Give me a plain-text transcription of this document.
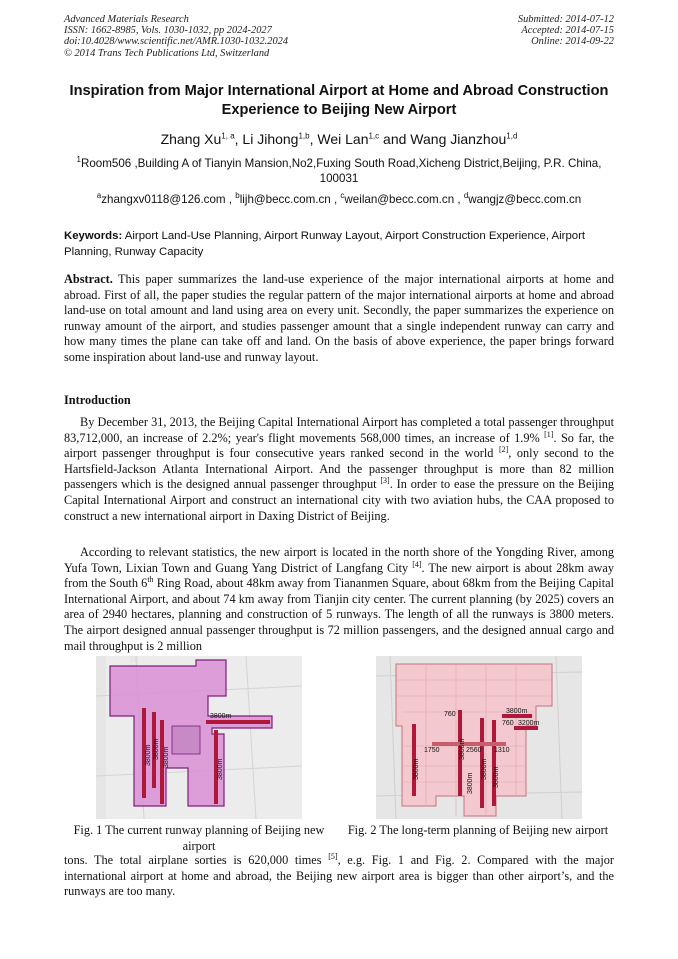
Advanced Materials Research
ISSN: 1662-8985, Vols. 1030-1032, pp 2024-2027
doi:10.4028/www.scientific.net/AMR.1030-1032.2024
© 2014 Trans Tech Publications Ltd, Switzerland
Submitted: 2014-07-12
Accepted: 2014-07-15
Online: 2014-09-22
Inspiration from Major International Airport at Home and Abroad Construction Experience to Beijing New Airport
Zhang Xu$^{1, a}$, Li Jihong$^{1,b}$, Wei Lan$^{1,c}$ and Wang Jianzhou$^{1,d}$
$^1$Room506 ,Building A of Tianyin Mansion,No2,Fuxing South Road,Xicheng District,Beijing, P.R. China, 100031
$^a$zhangxv0118@126.com , $^b$lijh@becc.com.cn , $^c$weilan@becc.com.cn , $^d$wangjz@becc.com.cn
Keywords: Airport Land-Use Planning, Airport Runway Layout, Airport Construction Experience, Airport Planning, Runway Capacity
Abstract. This paper summarizes the land-use experience of the major international airports at home and abroad. First of all, the paper studies the regular pattern of the major international airports at home and abroad land-use on total amount and land using area on every unit. Secondly, the paper summarizes the experience on runway amount of the airport, and studies passenger amount that a single independent runway can carry and how many times the plane can take off and land. On the basis of above experience, the paper brings forward some inspiration about land-use and runway layout.
Introduction
By December 31, 2013, the Beijing Capital International Airport has completed a total passenger throughput 83,712,000, an increase of 2.2%; year's flight movements 568,000 times, an increase of 1.9% [1]. So far, the airport passenger throughput is four consecutive years ranked second in the world [2], only second to the Hartsfield-Jackson Atlanta International Airport. And the passenger throughput is more than 82 million passengers which is the designed annual passenger throughput [3]. In order to ease the pressure on the Beijing Capital International Airport and construct an international city with two aviation hubs, the CAA proposed to construct a new international airport in Daxing District of Beijing.
According to relevant statistics, the new airport is located in the north shore of the Yongding River, among Yufa Town, Lixian Town and Guang Yang District of Langfang City [4]. The new airport is about 28km away from the South 6th Ring Road, about 48km away from Tiananmen Square, about 68km from the Beijing Capital International Airport, and about 74 km away from Tianjin city center. The current planning (by 2025) covers an area of 2940 hectares, planning and construction of 5 runways. The length of all the runways is 3800 meters. The airport designed annual passenger throughput is 72 million passengers, and the designed annual cargo and mail throughput is 2 million
3800m 3800m 3800m
3800m
3800m
760
3800m
3800m
3200m
760
3800m
1750	2560 1310
3800m	3800m
3800m
Fig. 1 The current runway planning of Beijing new airport
Fig. 2 The long-term planning of Beijing new airport
tons. The total airplane sorties is 620,000 times [5], e.g. Fig. 1 and Fig. 2. Compared with the major international airport at home and abroad, the Beijing new airport area is bigger than other airport’s, and the runways are too many.
